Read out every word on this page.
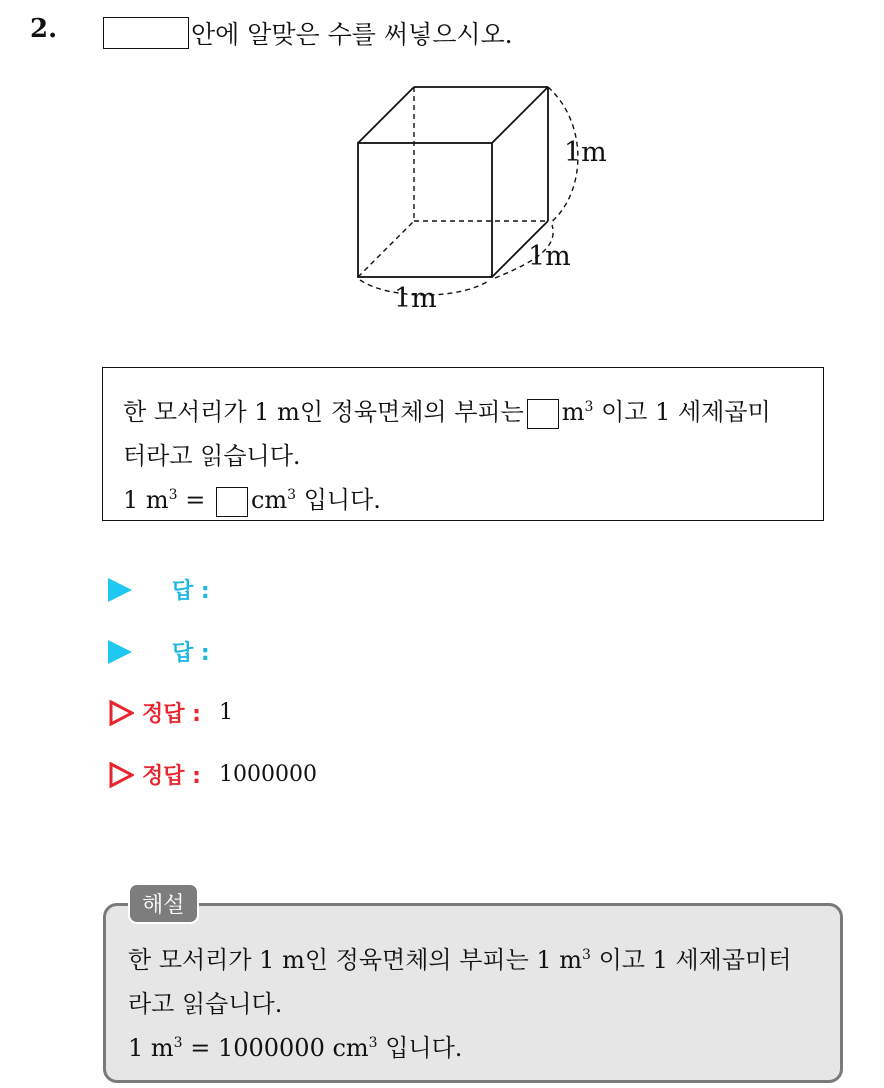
2.	안에 알맞은 수를 써넣으시오.
1m
1m
1m
한 모서리가 1 m인 정육면체의 부피는 $m^3$ 이고 1 세제곱미
터라고 읽습니다.
1 $m^3 = cm^3$ 입니다.
답 :
답 :
정답 : 1
정답 : 1000000
한 모서리가 1 m인 정육면체의 부피는 1 $m^3$ 이고 1 세제곱미터
라고 읽습니다.
1 $m^3 = 1000000$ $cm^3$ 입니다.
해설
